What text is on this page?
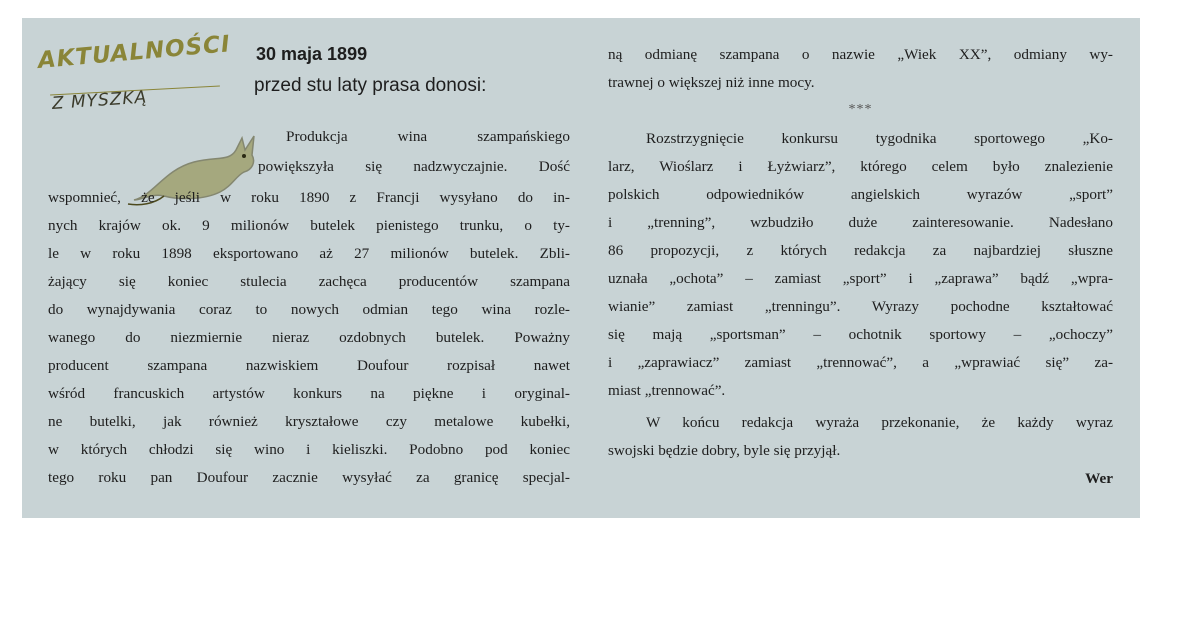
AKTUALNOŚCI
Z MYSZKĄ
30 maja 1899
przed stu laty prasa donosi:
Produkcja wina szampańskiego
powiększyła się nadzwyczajnie. Dość
wspomnieć, że jeśli w roku 1890 z Francji wysyłano do in-
nych krajów ok. 9 milionów butelek pienistego trunku, o ty-
le w roku 1898 eksportowano aż 27 milionów butelek. Zbli-
żający się koniec stulecia zachęca producentów szampana
do wynajdywania coraz to nowych odmian tego wina rozle-
wanego do niezmiernie nieraz ozdobnych butelek. Poważny
producent szampana nazwiskiem Doufour rozpisał nawet
wśród francuskich artystów konkurs na piękne i oryginal-
ne butelki, jak również kryształowe czy metalowe kubełki,
w których chłodzi się wino i kieliszki. Podobno pod koniec
tego roku pan Doufour zacznie wysyłać za granicę specjal-
ną odmianę szampana o nazwie „Wiek XX”, odmiany wy-
trawnej o większej niż inne mocy.
***
Rozstrzygnięcie konkursu tygodnika sportowego „Ko-
larz, Wioślarz i Łyżwiarz”, którego celem było znalezienie
polskich odpowiedników angielskich wyrazów „sport”
i „trenning”, wzbudziło duże zainteresowanie. Nadesłano
86 propozycji, z których redakcja za najbardziej słuszne
uznała „ochota” – zamiast „sport” i „zaprawa” bądź „wpra-
wianie” zamiast „trenningu”. Wyrazy pochodne kształtować
się mają „sportsman” – ochotnik sportowy – „ochoczy”
i „zaprawiacz” zamiast „trennować”, a „wprawiać się” za-
miast „trennować”.
W końcu redakcja wyraża przekonanie, że każdy wyraz
swojski będzie dobry, byle się przyjął.
Wer
